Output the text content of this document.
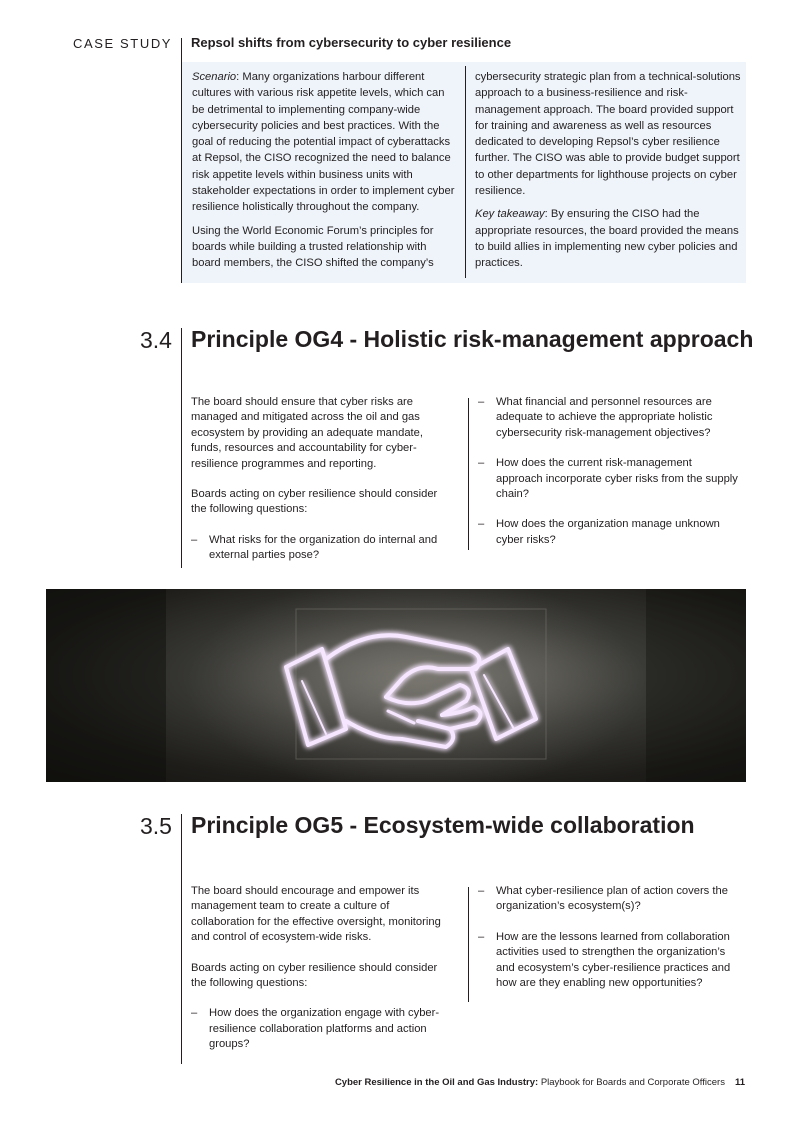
CASE STUDY Repsol shifts from cybersecurity to cyber resilience

Scenario: Many organizations harbour different cultures with various risk appetite levels, which can be detrimental to implementing company-wide cybersecurity policies and best practices. With the goal of reducing the potential impact of cyberattacks at Repsol, the CISO recognized the need to balance risk appetite levels within business units with stakeholder expectations in order to implement cyber resilience holistically throughout the company.

Using the World Economic Forum’s principles for boards while building a trusted relationship with board members, the CISO shifted the company’s

cybersecurity strategic plan from a technical-solutions approach to a business-resilience and risk-management approach. The board provided support for training and awareness as well as resources dedicated to developing Repsol’s cyber resilience further. The CISO was able to provide budget support to other departments for lighthouse projects on cyber resilience.

Key takeaway: By ensuring the CISO had the appropriate resources, the board provided the means to build allies in implementing new cyber policies and practices.

3.4 Principle OG4 - Holistic risk-management approach

The board should ensure that cyber risks are managed and mitigated across the oil and gas ecosystem by providing an adequate mandate, funds, resources and accountability for cyber-resilience programmes and reporting.

Boards acting on cyber resilience should consider the following questions:

– What risks for the organization do internal and external parties pose?
– What financial and personnel resources are adequate to achieve the appropriate holistic cybersecurity risk-management objectives?
– How does the current risk-management approach incorporate cyber risks from the supply chain?
– How does the organization manage unknown cyber risks?
3.5 Principle OG5 - Ecosystem-wide collaboration

The board should encourage and empower its management team to create a culture of collaboration for the effective oversight, monitoring and control of ecosystem-wide risks.

Boards acting on cyber resilience should consider the following questions:

– How does the organization engage with cyber-resilience collaboration platforms and action groups?
– What cyber-resilience plan of action covers the organization’s ecosystem(s)?
– How are the lessons learned from collaboration activities used to strengthen the organization’s and ecosystem’s cyber-resilience practices and how are they enabling new opportunities?
Cyber Resilience in the Oil and Gas Industry: Playbook for Boards and Corporate Officers 11
